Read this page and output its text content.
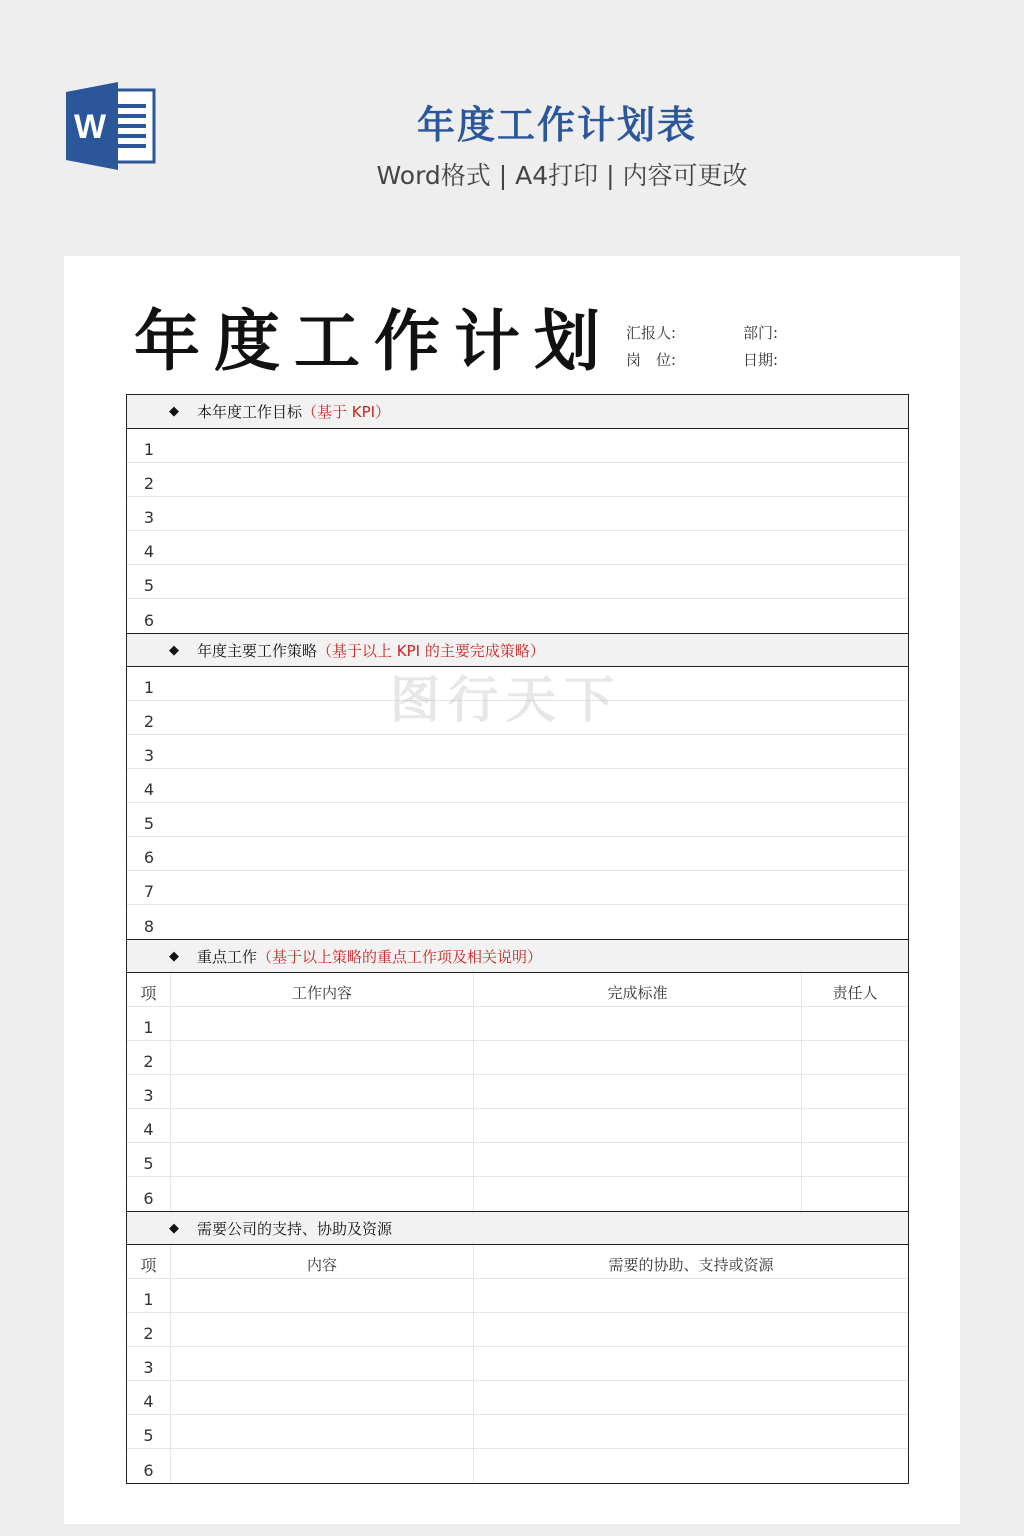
W	年度工作计划表
Word格式 | A4打印 | 内容可更改
年度工作计划 汇报人:	部门:
岗　位:	日期:
◆ 本年度工作目标 （基于 KPI）
1
2
3
4
5
6
◆ 年度主要工作策略 （基于以上 KPI 的主要完成策略）
1
2
3
4
5
6
7
8
◆ 重点工作 （基于以上策略的重点工作项及相关说明）
项	工作内容	完成标准	责任人
1
2
3
4
5
6
◆ 需要公司的支持、协助及资源
项	内容	需要的协助、支持或资源
1
2
3
4
5
6
图行天下
